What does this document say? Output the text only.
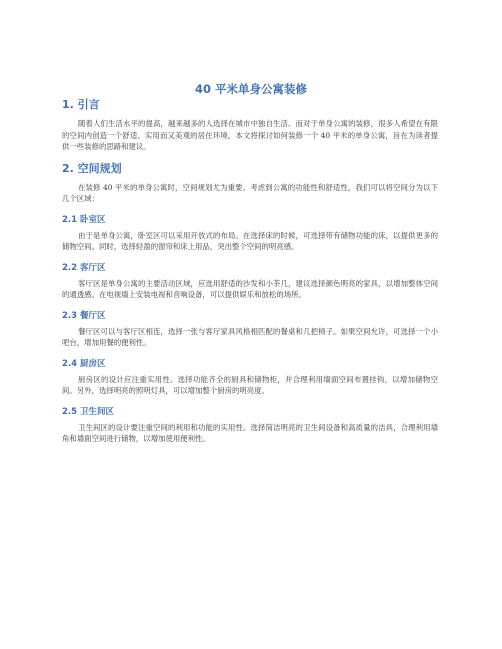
40 平米单身公寓装修
1. 引言

随着人们生活水平的提高，越来越多的人选择在城市中独自生活。而对于单身公寓的装修，很多人希望在有限的空间内创造一个舒适、实用而又美观的居住环境。本文将探讨如何装修一个 40 平米的单身公寓，旨在为读者提供一些装修的思路和建议。

2. 空间规划

在装修 40 平米的单身公寓时，空间规划尤为重要。考虑到公寓的功能性和舒适性，我们可以将空间分为以下几个区域：

2.1 卧室区

由于是单身公寓，卧室区可以采用开放式的布局。在选择床的时候，可选择带有储物功能的床，以提供更多的储物空间。同时，选择轻盈的窗帘和床上用品，突出整个空间的明亮感。

2.2 客厅区

客厅区是单身公寓的主要活动区域，应选用舒适的沙发和小茶几，建议选择颜色明亮的家具，以增加整体空间的通透感。在电视墙上安装电视和音响设备，可以提供娱乐和放松的场所。

2.3 餐厅区

餐厅区可以与客厅区相连，选择一张与客厅家具风格相匹配的餐桌和几把椅子。如果空间允许，可选择一个小吧台，增加用餐的便利性。

2.4 厨房区

厨房区的设计应注重实用性。选择功能齐全的厨具和储物柜，并合理利用墙面空间布置挂钩，以增加储物空间。另外，选择明亮的照明灯具，可以增加整个厨房的明亮度。

2.5 卫生间区

卫生间区的设计要注重空间的利用和功能的实用性。选择简洁明亮的卫生间设备和高质量的洁具，合理利用墙角和墙面空间进行储物，以增加使用便利性。
